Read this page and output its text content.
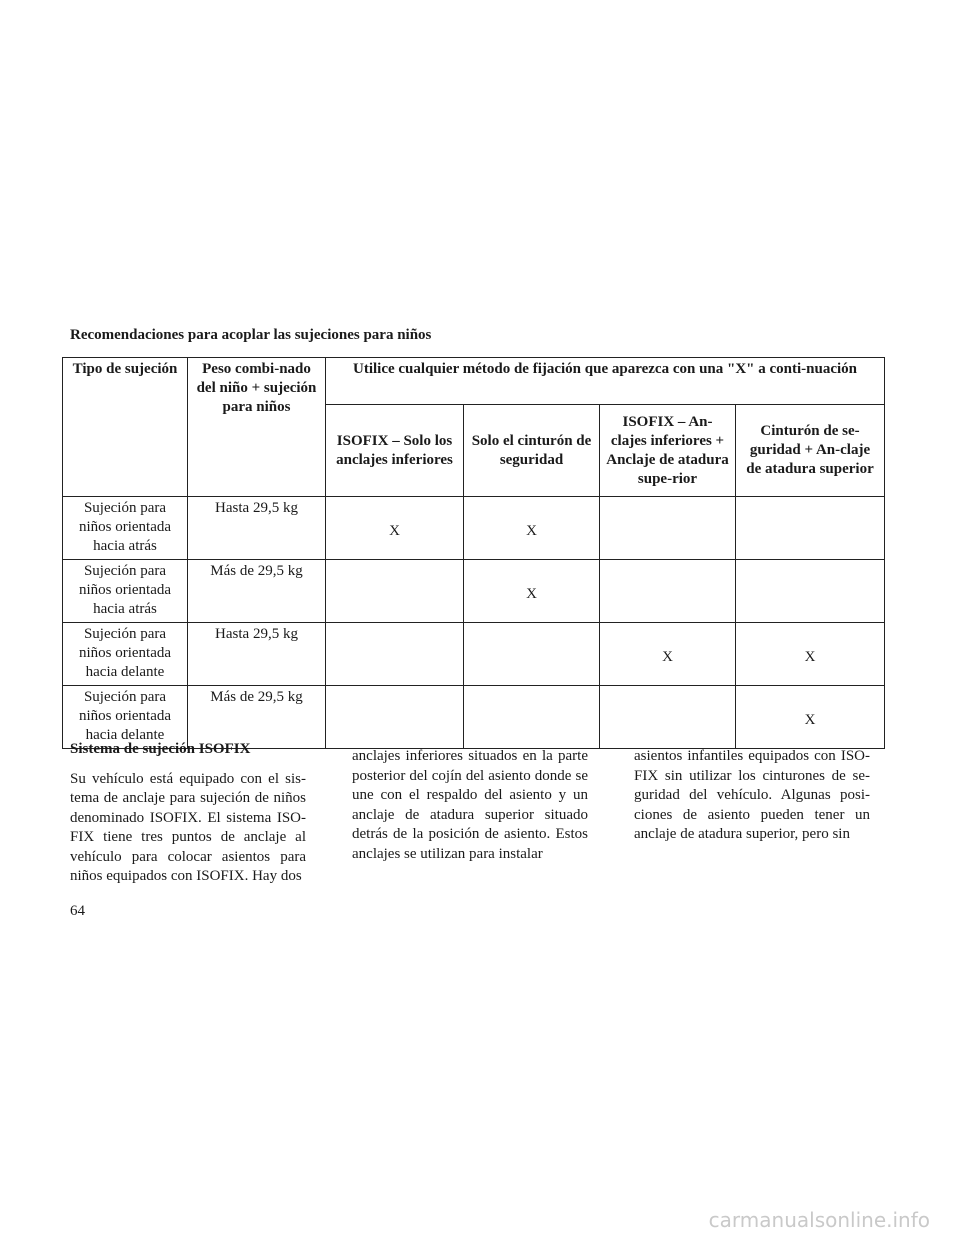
Recomendaciones para acoplar las sujeciones para niños
Tipo de sujeción	Peso combi-nado del niño + sujeción para niños	Utilice cualquier método de fijación que aparezca con una "X" a conti-nuación			
		ISOFIX – Solo los anclajes inferiores	Solo el cinturón de seguridad	ISOFIX – An-clajes inferiores + Anclaje de atadura supe-rior	Cinturón de se-guridad + An-claje de atadura superior
Sujeción para niños orientada hacia atrás	Hasta 29,5 kg	X	X		
Sujeción para niños orientada hacia atrás	Más de 29,5 kg		X		
Sujeción para niños orientada hacia delante	Hasta 29,5 kg			X	X
Sujeción para niños orientada hacia delante	Más de 29,5 kg				X
Sistema de sujeción ISOFIX

Su vehículo está equipado con el sis-tema de anclaje para sujeción de niños denominado ISOFIX. El sistema ISO-FIX tiene tres puntos de anclaje al vehículo para colocar asientos para niños equipados con ISOFIX. Hay dos

anclajes inferiores situados en la parte posterior del cojín del asiento donde se une con el respaldo del asiento y un anclaje de atadura superior situado detrás de la posición de asiento. Estos anclajes se utilizan para instalar

asientos infantiles equipados con ISO-FIX sin utilizar los cinturones de se-guridad del vehículo. Algunas posi-ciones de asiento pueden tener un anclaje de atadura superior, pero sin

64
carmanualsonline.info
